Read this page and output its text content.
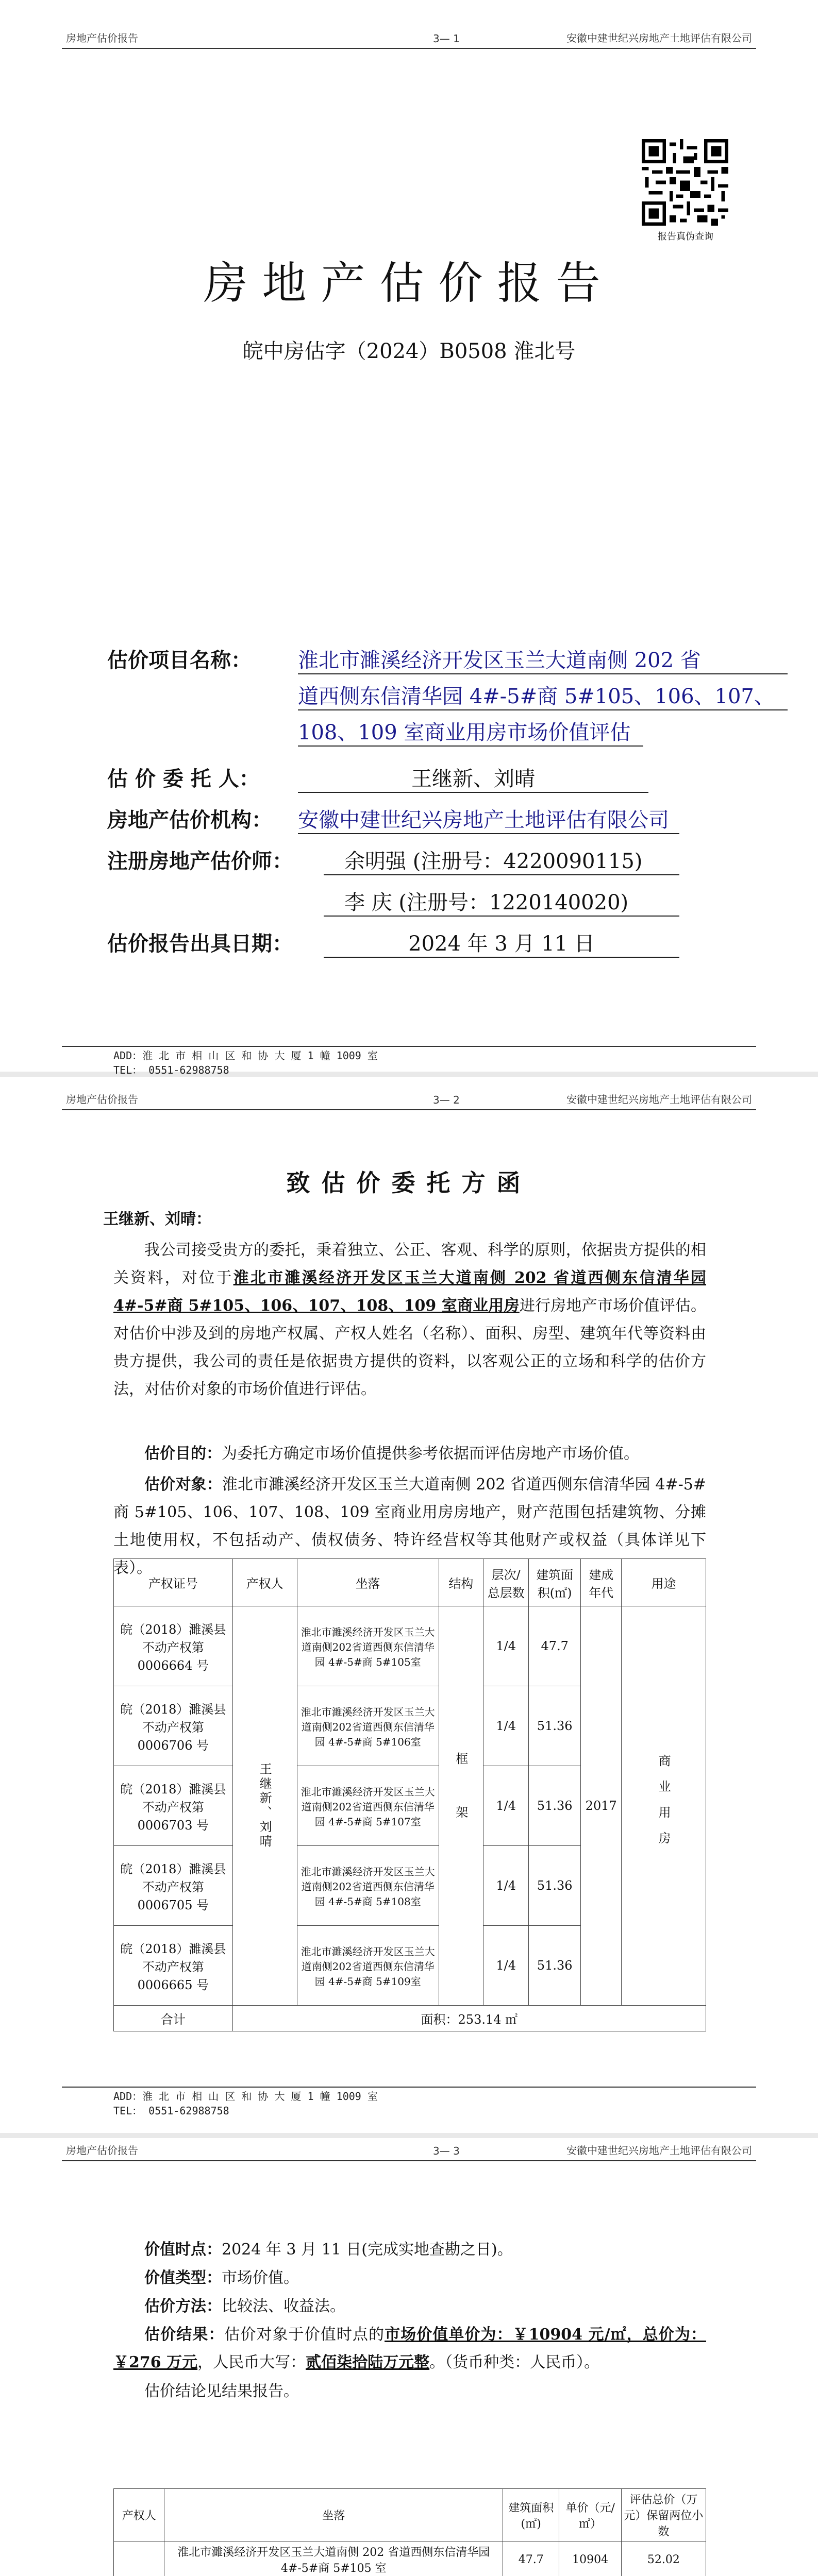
房地产估价报告	3— 1	安徽中建世纪兴房地产土地评估有限公司
报告真伪查询
房地产估价报告
皖中房估字（2024）B0508 淮北号
估价项目名称： 淮北市濉溪经济开发区玉兰大道南侧 202 省
道西侧东信清华园 4#-5#商 5#105、106、107、
108、109 室商业用房市场价值评估
估 价 委 托 人：	王继新、刘晴
房地产估价机构： 安徽中建世纪兴房地产土地评估有限公司
注册房地产估价师：	余明强 (注册号：4220090115)
李 庆 (注册号：1220140020)
估价报告出具日期：	2024 年 3 月 11 日
ADD：淮 北 市 相 山 区 和 协 大 厦 1 幢 1009 室
TEL： 0551-62988758
房地产估价报告	3— 2	安徽中建世纪兴房地产土地评估有限公司
致估价委托方函
王继新、刘晴：
我公司接受贵方的委托，秉着独立、公正、客观、科学的原则，依据贵方提供的相关资料，对位于淮北市濉溪经济开发区玉兰大道南侧 202 省道西侧东信清华园 4#-5#商 5#105、106、107、108、109 室商业用房进行房地产市场价值评估。对估价中涉及到的房地产权属、产权人姓名（名称）、面积、房型、建筑年代等资料由贵方提供，我公司的责任是依据贵方提供的资料，以客观公正的立场和科学的估价方法，对估价对象的市场价值进行评估。
估价目的：为委托方确定市场价值提供参考依据而评估房地产市场价值。
估价对象：淮北市濉溪经济开发区玉兰大道南侧 202 省道西侧东信清华园 4#-5#商 5#105、106、107、108、109 室商业用房房地产，财产范围包括建筑物、分摊土地使用权，不包括动产、债权债务、特许经营权等其他财产或权益（具体详见下表）。
产权证号	产权人	坐落	结构	层次/总层数	建筑面积(㎡)	建成年代	用途
皖（2018）濉溪县不动产权第 0006664 号	王继新、刘晴	淮北市濉溪经济开发区玉兰大道南侧202省道西侧东信清华园 4#-5#商 5#105室	框架	1/4	47.7	2017	商业用房
皖（2018）濉溪县不动产权第 0006706 号		淮北市濉溪经济开发区玉兰大道南侧202省道西侧东信清华园 4#-5#商 5#106室		1/4	51.36		
皖（2018）濉溪县不动产权第 0006703 号		淮北市濉溪经济开发区玉兰大道南侧202省道西侧东信清华园 4#-5#商 5#107室		1/4	51.36		
皖（2018）濉溪县不动产权第 0006705 号		淮北市濉溪经济开发区玉兰大道南侧202省道西侧东信清华园 4#-5#商 5#108室		1/4	51.36		
皖（2018）濉溪县不动产权第 0006665 号		淮北市濉溪经济开发区玉兰大道南侧202省道西侧东信清华园 4#-5#商 5#109室		1/4	51.36		
合计	面积：253.14 ㎡						
ADD：淮 北 市 相 山 区 和 协 大 厦 1 幢 1009 室
TEL： 0551-62988758
房地产估价报告	3— 3	安徽中建世纪兴房地产土地评估有限公司
价值时点：2024 年 3 月 11 日(完成实地查勘之日)。
价值类型：市场价值。
估价方法：比较法、收益法。
估价结果：估价对象于价值时点的市场价值单价为：￥10904 元/㎡，总价为：￥276 万元，人民币大写：贰佰柒拾陆万元整。（货币种类：人民币）。
估价结论见结果报告。
产权人	坐落	建筑面积(㎡)	单价（元/㎡）	评估总价（万元）保留两位小数
	淮北市濉溪经济开发区玉兰大道南侧 202 省道西侧东信清华园 4#-5#商 5#105 室	47.7	10904	52.02
